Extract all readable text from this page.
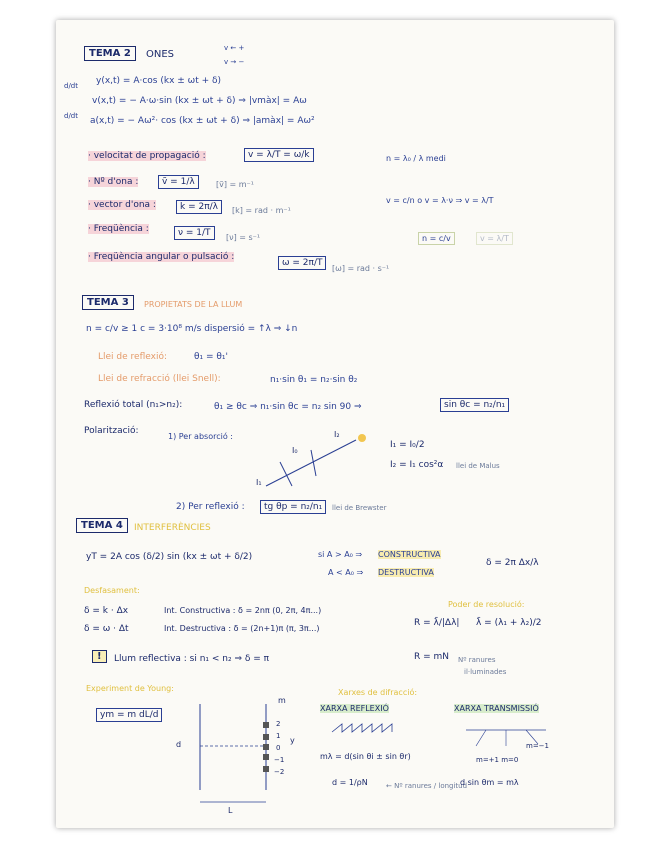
TEMA 2	ONES
v ← +
v → −
d/dt
d/dt
y(x,t) = A·cos (kx ± ωt + δ)
v(x,t) = − A·ω·sin (kx ± ωt + δ) ⇒ |vmàx| = Aω
a(x,t) = − Aω²· cos (kx ± ωt + δ) ⇒ |amàx| = Aω²
· velocitat de propagació :	v = λ/T = ω/k
· Nº d'ona :	ṽ = 1/λ	[ṽ] = m⁻¹
· vector d'ona :	k = 2π/λ	[k] = rad · m⁻¹
· Freqüència :	ν = 1/T	[ν] = s⁻¹
· Freqüència angular o pulsació :
ω = 2π/T
[ω] = rad · s⁻¹
n = λ₀ / λ medi
v = c/n o v = λ·ν ⇒ v = λ/T
n = c/v	v = λ/T
TEMA 3	PROPIETATS DE LA LLUM
n = c/v ≥ 1 c = 3·10⁸ m/s dispersió = ↑λ ⇒ ↓n
Llei de reflexió:	θ₁ = θ₁'
Llei de refracció (llei Snell):	n₁·sin θ₁ = n₂·sin θ₂
Reflexió total (n₁>n₂):	θ₁ ≥ θc ⇒ n₁·sin θc = n₂ sin 90 ⇒	sin θc = n₂/n₁
Polarització:
1) Per absorció :
I₁
I₀
I₂
I₁ = I₀/2
I₂ = I₁ cos²α llei de Malus
2) Per reflexió :	tg θp = n₂/n₁	llei de Brewster
TEMA 4	INTERFERÈNCIES
yT = 2A cos (δ/2) sin (kx ± ωt + δ/2)	si A > A₀ ⇒ CONSTRUCTIVA
A < A₀ ⇒ DESTRUCTIVA
δ = 2π Δx/λ
Desfasament:
δ = k · Δx
δ = ω · Δt
Int. Constructiva : δ = 2nπ (0, 2π, 4π...)
Int. Destructiva : δ = (2n+1)π (π, 3π...)
Poder de resolució:
R = λ̄/|Δλ| λ̄ = (λ₁ + λ₂)/2
R = mN Nº ranures
il·luminades
!	Llum reflectiva : si n₁ < n₂ ⇒ δ = π
Experiment de Young:
ym = m dL/d
d	y
L
m
2
1
0
−1
−2
Xarxes de difracció:
XARXA REFLEXIÓ	XARXA TRANSMISSIÓ
mλ = d(sin θi ± sin θr)
d = 1/ρN	← Nº ranures / longitud
m=+1 m=0
m=−1
d sin θm = mλ
